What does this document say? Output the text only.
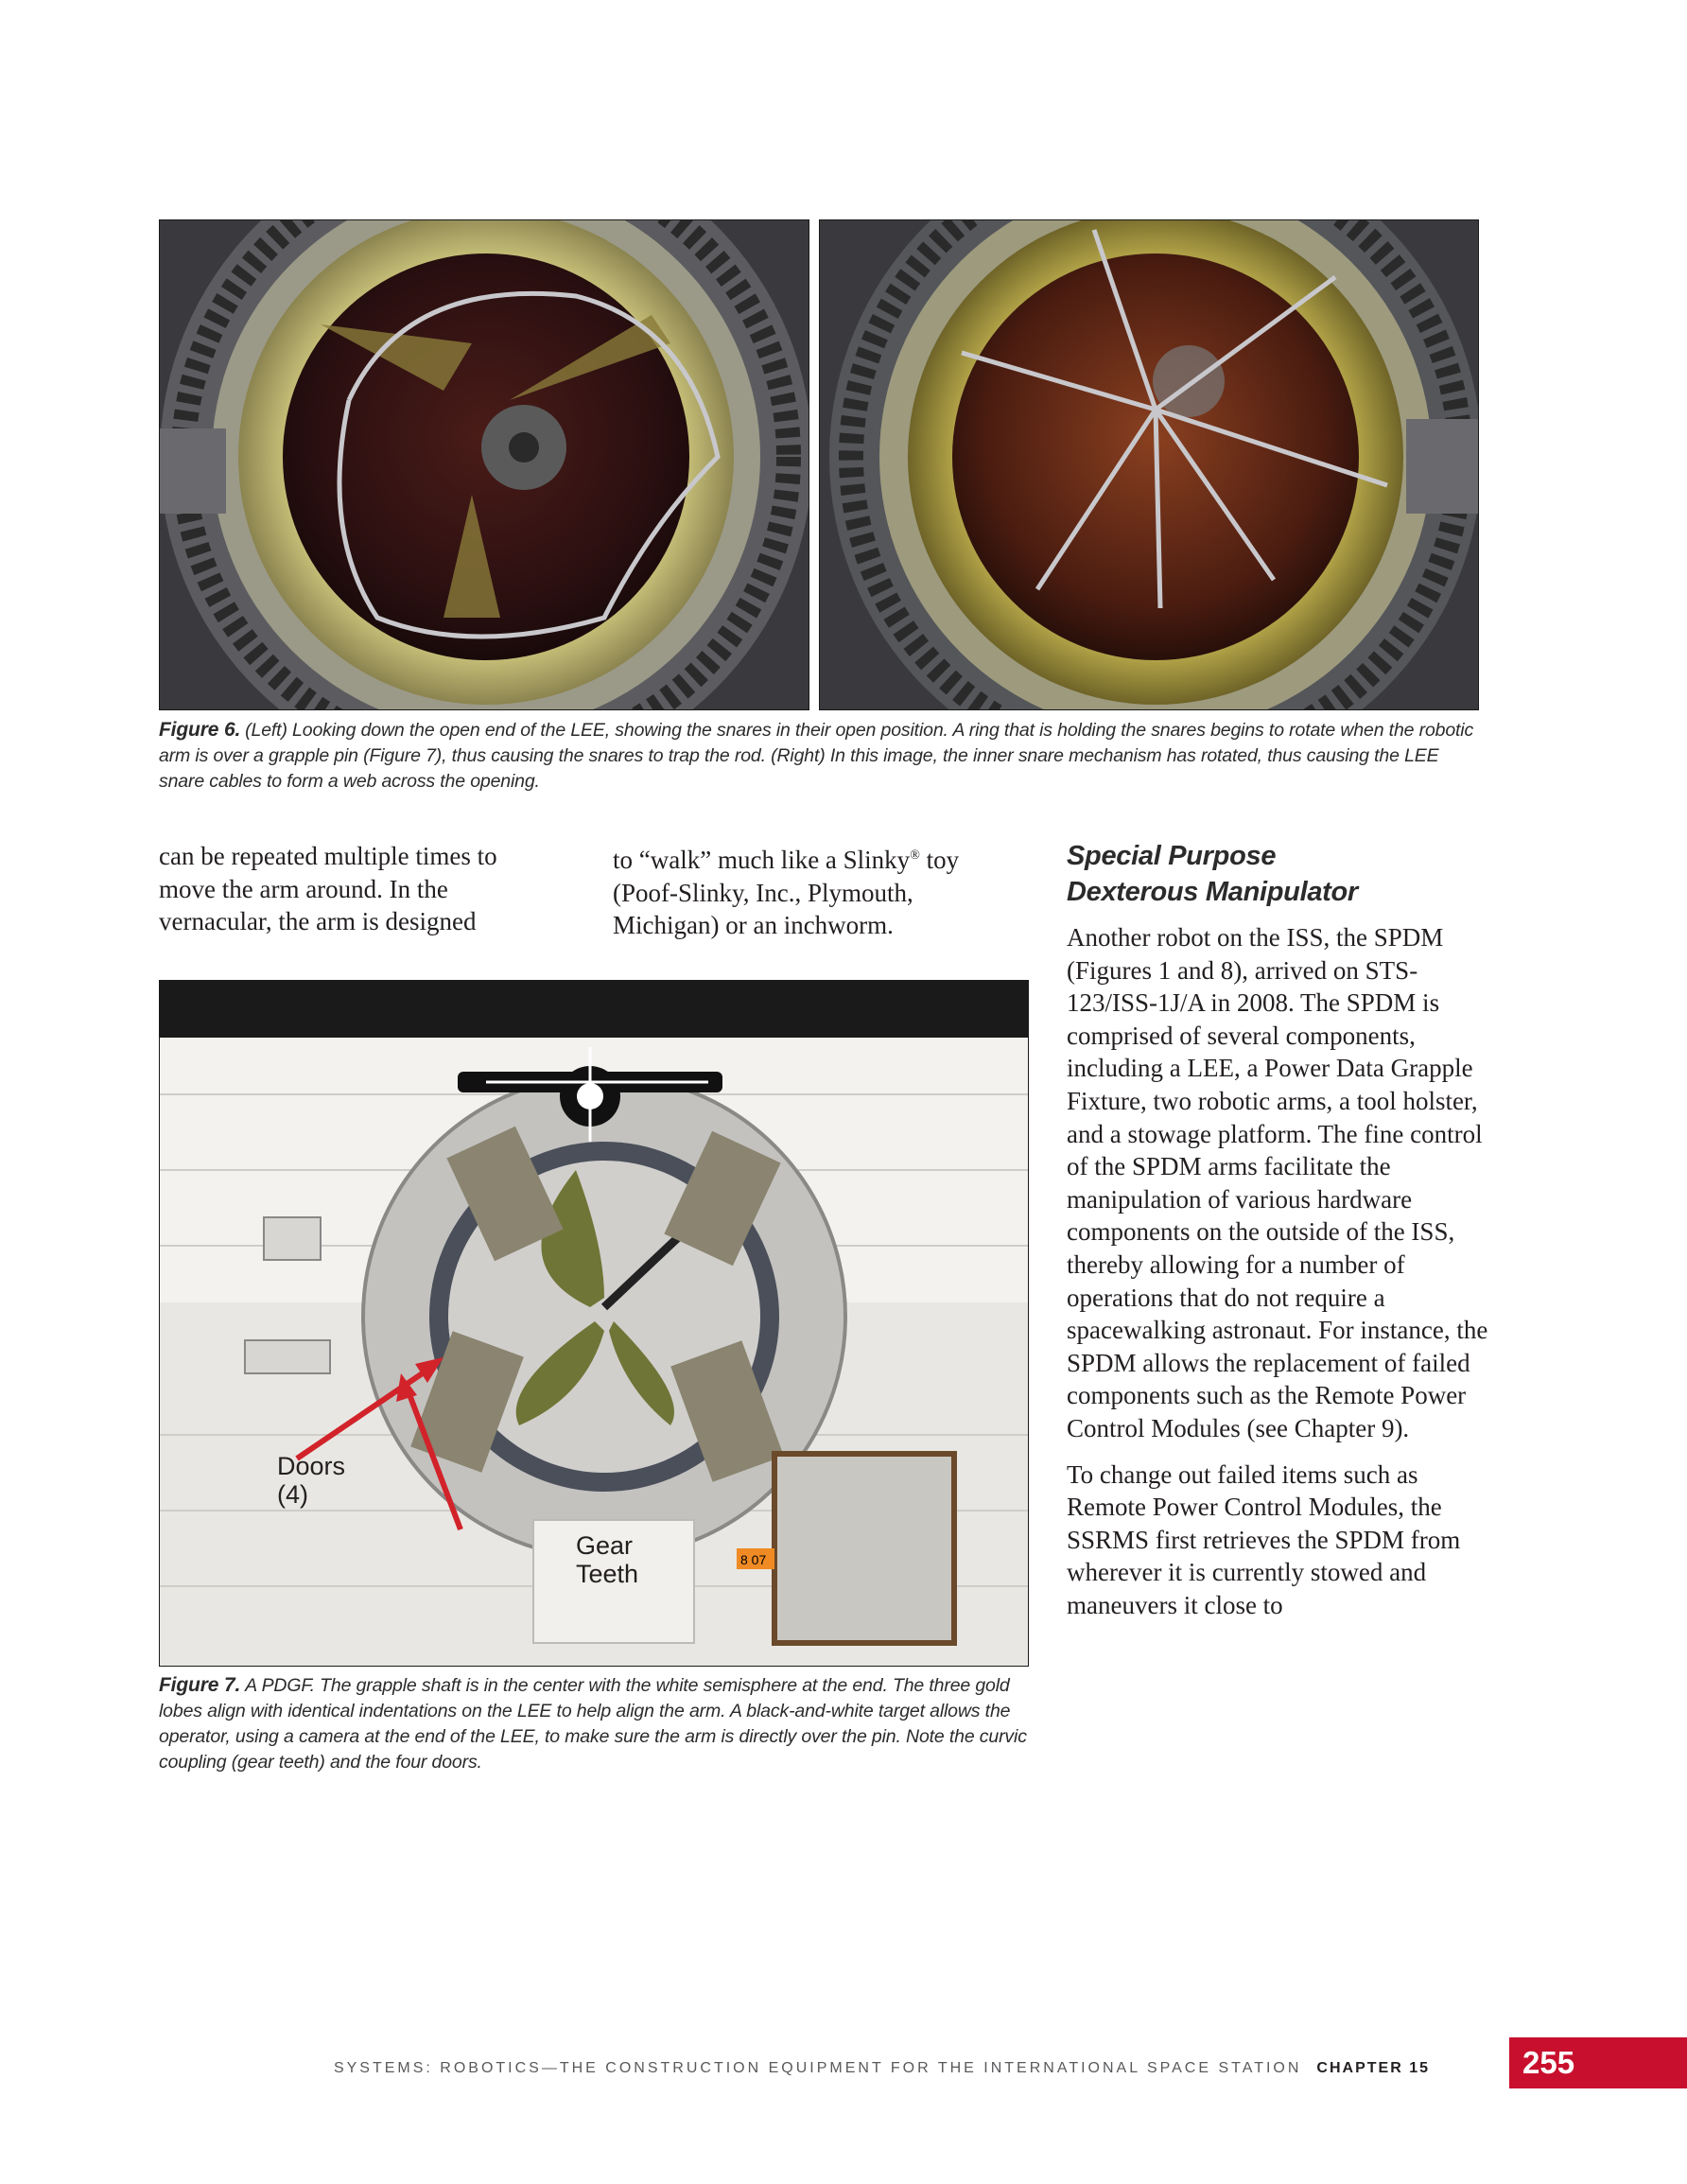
Figure 6. (Left) Looking down the open end of the LEE, showing the snares in their open position. A ring that is holding the snares begins to rotate when the robotic arm is over a grapple pin (Figure 7), thus causing the snares to trap the rod. (Right) In this image, the inner snare mechanism has rotated, thus causing the LEE snare cables to form a web across the opening.

can be repeated multiple times to move the arm around. In the vernacular, the arm is designed

to “walk” much like a Slinky® toy (Poof-Slinky, Inc., Plymouth, Michigan) or an inchworm.

8 07
Doors
(4)
Gear
Teeth
Figure 7. A PDGF. The grapple shaft is in the center with the white semisphere at the end. The three gold lobes align with identical indentations on the LEE to help align the arm. A black-and-white target allows the operator, using a camera at the end of the LEE, to make sure the arm is directly over the pin. Note the curvic coupling (gear teeth) and the four doors.
Special Purpose Dexterous Manipulator

Another robot on the ISS, the SPDM (Figures 1 and 8), arrived on STS-123/ISS-1J/A in 2008. The SPDM is comprised of several components, including a LEE, a Power Data Grapple Fixture, two robotic arms, a tool holster, and a stowage platform. The fine control of the SPDM arms facilitate the manipulation of various hardware components on the outside of the ISS, thereby allowing for a number of operations that do not require a spacewalking astronaut. For instance, the SPDM allows the replacement of failed components such as the Remote Power Control Modules (see Chapter 9).

To change out failed items such as Remote Power Control Modules, the SSRMS first retrieves the SPDM from wherever it is currently stowed and maneuvers it close to

SYSTEMS: ROBOTICS—THE CONSTRUCTION EQUIPMENT FOR THE INTERNATIONAL SPACE STATION CHAPTER 15	255
